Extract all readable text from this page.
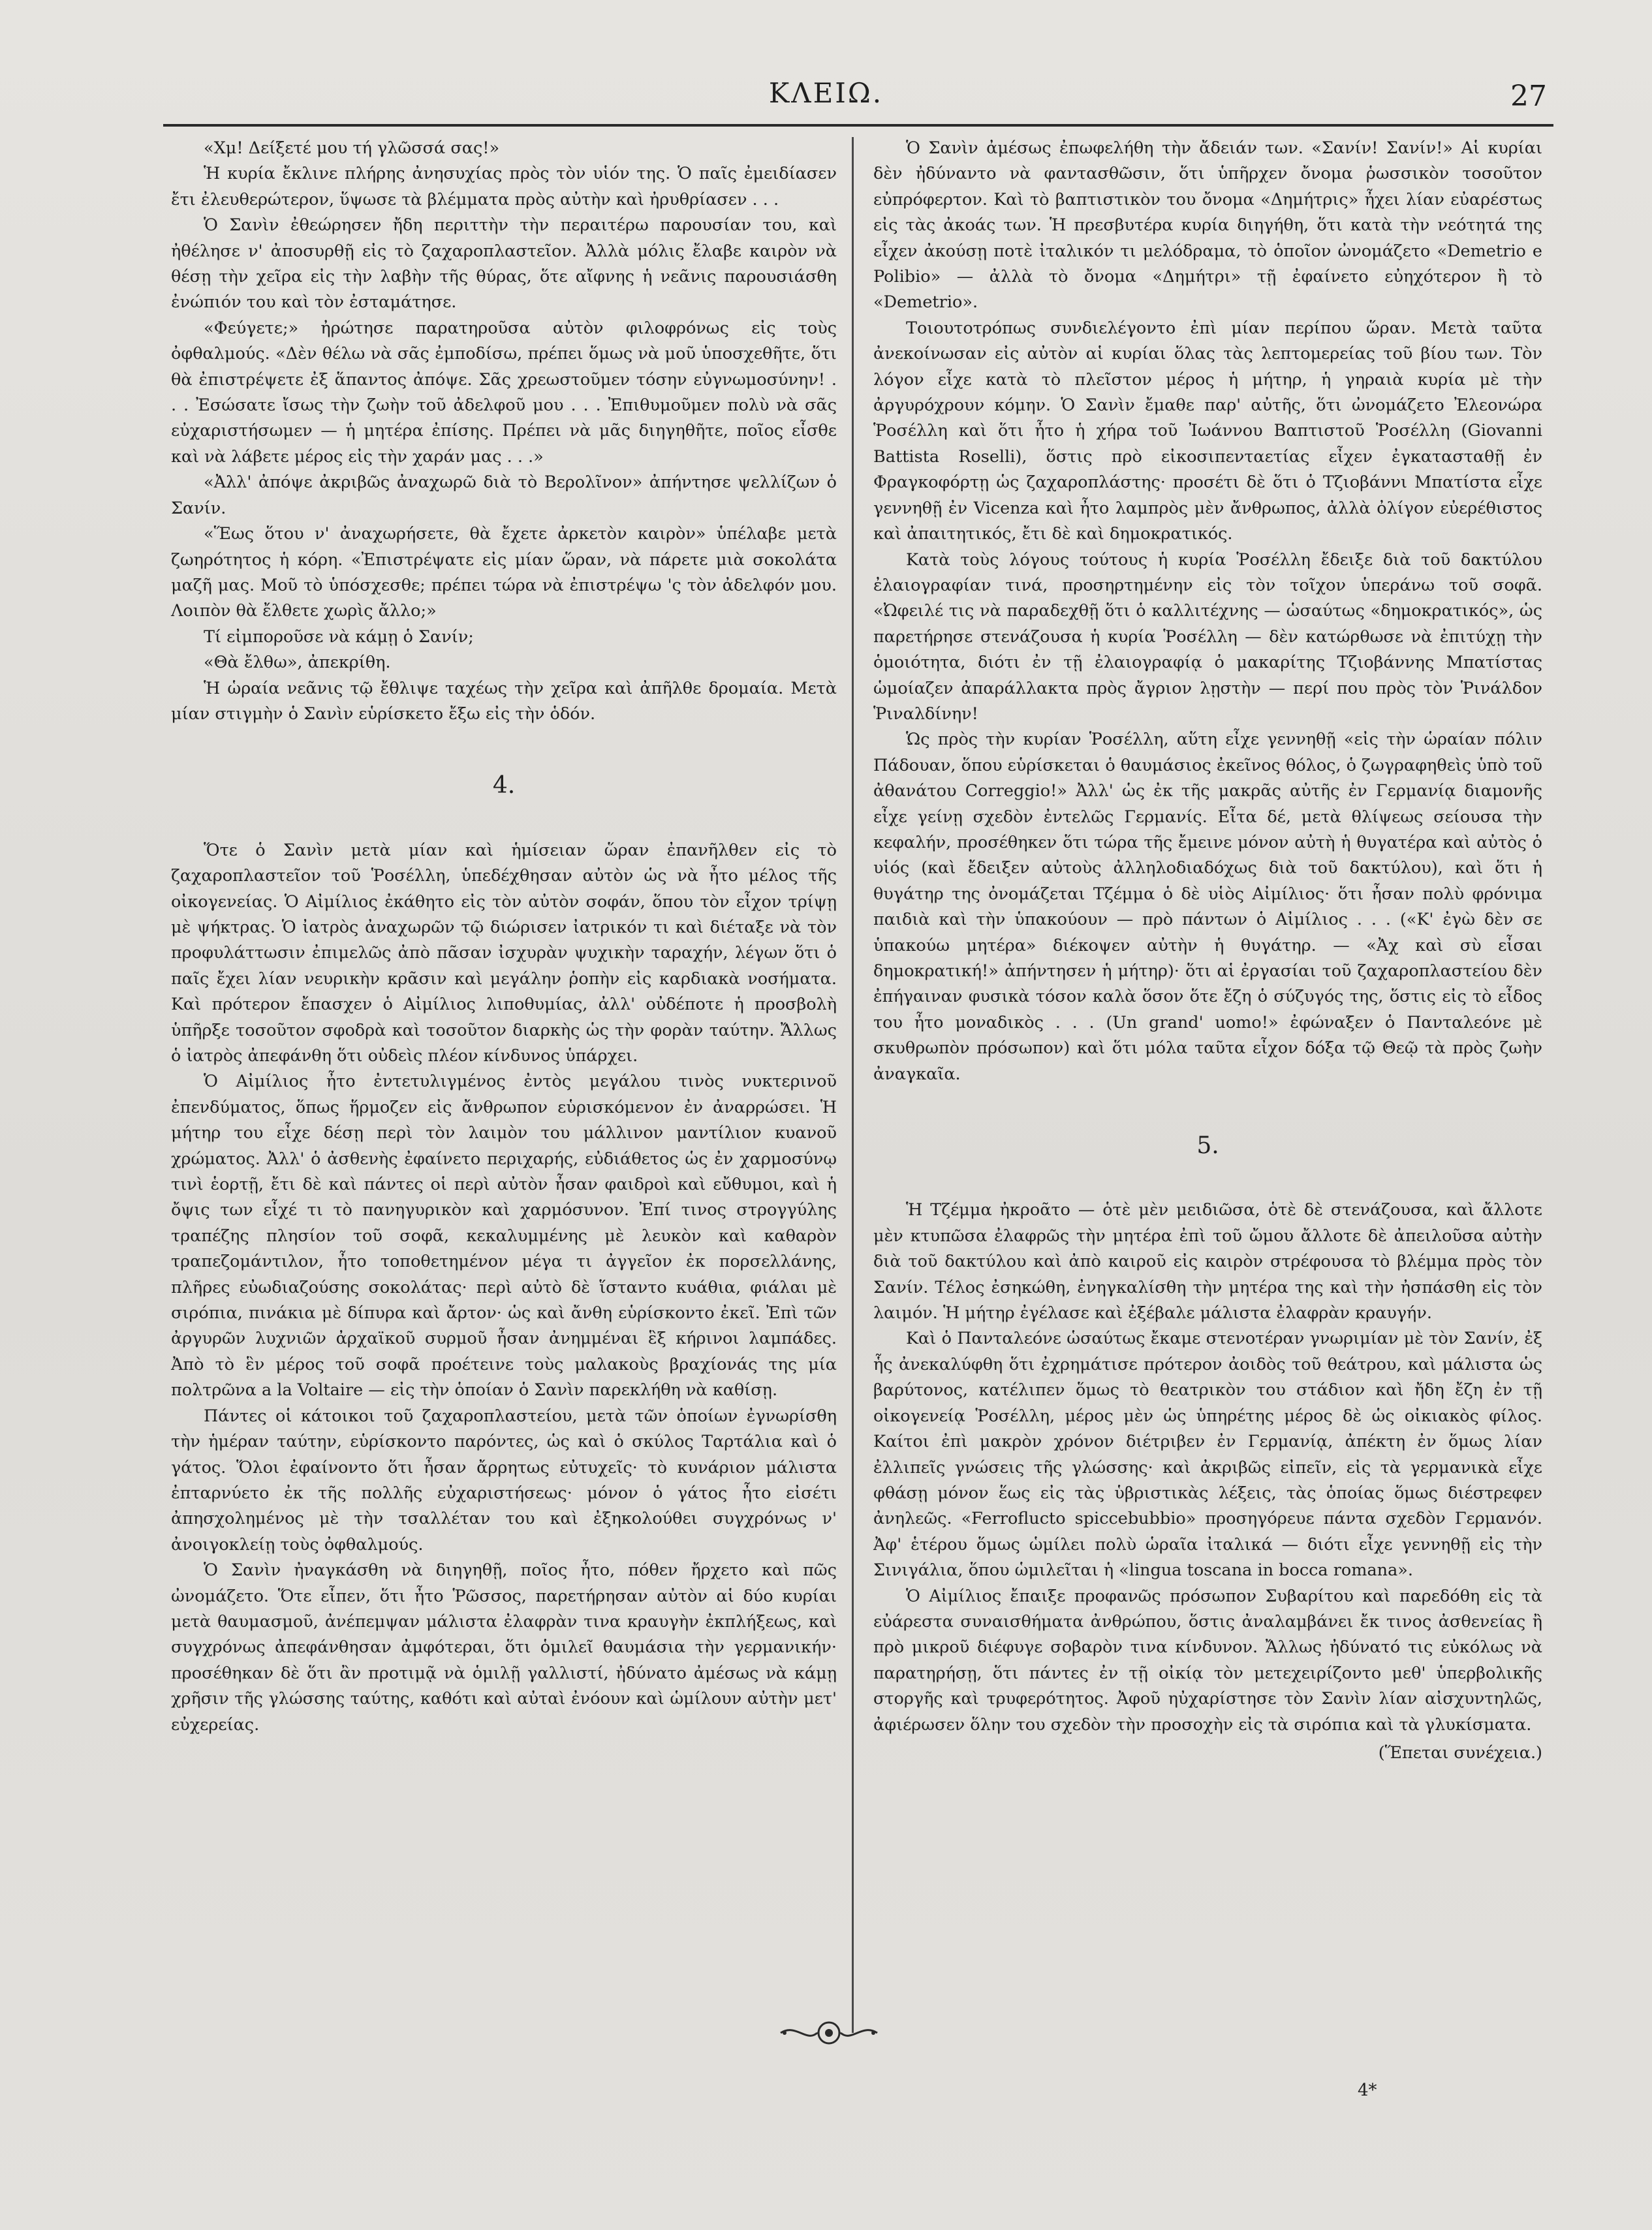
ΚΛΕΙΩ.	27

«Χμ! Δείξετέ μου τή γλῶσσά σας!»

Ἡ κυρία ἔκλινε πλήρης ἀνησυχίας πρὸς τὸν υἱόν της. Ὁ παῖς ἐμειδίασεν ἔτι ἐλευθερώτερον, ὕψωσε τὰ βλέμματα πρὸς αὐτὴν καὶ ἠρυθρίασεν . . .

Ὁ Σανὶν ἐθεώρησεν ἤδη περιττὴν τὴν περαιτέρω παρουσίαν του, καὶ ἠθέλησε ν' ἀποσυρθῇ εἰς τὸ ζαχαροπλαστεῖον. Ἀλλὰ μόλις ἔλαβε καιρὸν νὰ θέσῃ τὴν χεῖρα εἰς τὴν λαβὴν τῆς θύρας, ὅτε αἴφνης ἡ νεᾶνις παρουσιάσθη ἐνώπιόν του καὶ τὸν ἐσταμάτησε.

«Φεύγετε;» ἠρώτησε παρατηροῦσα αὐτὸν φιλοφρόνως εἰς τοὺς ὀφθαλμούς. «Δὲν θέλω νὰ σᾶς ἐμποδίσω, πρέπει ὅμως νὰ μοῦ ὑποσχεθῆτε, ὅτι θὰ ἐπιστρέψετε ἐξ ἅπαντος ἀπόψε. Σᾶς χρεωστοῦμεν τόσην εὐγνωμοσύνην! . . . Ἐσώσατε ἴσως τὴν ζωὴν τοῦ ἀδελφοῦ μου . . . Ἐπιθυμοῦμεν πολὺ νὰ σᾶς εὐχαριστήσωμεν — ἡ μητέρα ἐπίσης. Πρέπει νὰ μᾶς διηγηθῆτε, ποῖος εἶσθε καὶ νὰ λάβετε μέρος εἰς τὴν χαράν μας . . .»

«Ἀλλ' ἀπόψε ἀκριβῶς ἀναχωρῶ διὰ τὸ Βερολῖνον» ἀπήντησε ψελλίζων ὁ Σανίν.

«Ἕως ὅτου ν' ἀναχωρήσετε, θὰ ἔχετε ἀρκετὸν καιρὸν» ὑπέλαβε μετὰ ζωηρότητος ἡ κόρη. «Ἐπιστρέψατε εἰς μίαν ὥραν, νὰ πάρετε μιὰ σοκολάτα μαζῆ μας. Μοῦ τὸ ὑπόσχεσθε; πρέπει τώρα νὰ ἐπιστρέψω 'ς τὸν ἀδελφόν μου. Λοιπὸν θὰ ἔλθετε χωρὶς ἄλλο;»

Τί εἰμποροῦσε νὰ κάμῃ ὁ Σανίν;

«Θὰ ἔλθω», ἀπεκρίθη.

Ἡ ὡραία νεᾶνις τῷ ἔθλιψε ταχέως τὴν χεῖρα καὶ ἀπῆλθε δρομαία. Μετὰ μίαν στιγμὴν ὁ Σανὶν εὑρίσκετο ἔξω εἰς τὴν ὁδόν.

4.

Ὅτε ὁ Σανὶν μετὰ μίαν καὶ ἡμίσειαν ὥραν ἐπανῆλθεν εἰς τὸ ζαχαροπλαστεῖον τοῦ Ῥοσέλλη, ὑπεδέχθησαν αὐτὸν ὡς νὰ ἦτο μέλος τῆς οἰκογενείας. Ὁ Αἰμίλιος ἐκάθητο εἰς τὸν αὐτὸν σοφάν, ὅπου τὸν εἶχον τρίψῃ μὲ ψήκτρας. Ὁ ἰατρὸς ἀναχωρῶν τῷ διώρισεν ἰατρικόν τι καὶ διέταξε νὰ τὸν προφυλάττωσιν ἐπιμελῶς ἀπὸ πᾶσαν ἰσχυρὰν ψυχικὴν ταραχήν, λέγων ὅτι ὁ παῖς ἔχει λίαν νευρικὴν κρᾶσιν καὶ μεγάλην ῥοπὴν εἰς καρδιακὰ νοσήματα. Καὶ πρότερον ἔπασχεν ὁ Αἰμίλιος λιποθυμίας, ἀλλ' οὐδέποτε ἡ προσβολὴ ὑπῆρξε τοσοῦτον σφοδρὰ καὶ τοσοῦτον διαρκὴς ὡς τὴν φορὰν ταύτην. Ἄλλως ὁ ἰατρὸς ἀπεφάνθη ὅτι οὐδεὶς πλέον κίνδυνος ὑπάρχει.

Ὁ Αἰμίλιος ἦτο ἐντετυλιγμένος ἐντὸς μεγάλου τινὸς νυκτερινοῦ ἐπενδύματος, ὅπως ἥρμοζεν εἰς ἄνθρωπον εὑρισκόμενον ἐν ἀναρρώσει. Ἡ μήτηρ του εἶχε δέσῃ περὶ τὸν λαιμὸν του μάλλινον μαντίλιον κυανοῦ χρώματος. Ἀλλ' ὁ ἀσθενὴς ἐφαίνετο περιχαρής, εὐδιάθετος ὡς ἐν χαρμοσύνῳ τινὶ ἑορτῇ, ἔτι δὲ καὶ πάντες οἱ περὶ αὐτὸν ἦσαν φαιδροὶ καὶ εὔθυμοι, καὶ ἡ ὄψις των εἶχέ τι τὸ πανηγυρικὸν καὶ χαρμόσυνον. Ἐπί τινος στρογγύλης τραπέζης πλησίον τοῦ σοφᾶ, κεκαλυμμένης μὲ λευκὸν καὶ καθαρὸν τραπεζομάντιλον, ἦτο τοποθετημένον μέγα τι ἀγγεῖον ἐκ πορσελλάνης, πλῆρες εὐωδιαζούσης σοκολάτας· περὶ αὐτὸ δὲ ἵσταντο κυάθια, φιάλαι μὲ σιρόπια, πινάκια μὲ δίπυρα καὶ ἄρτον· ὡς καὶ ἄνθη εὑρίσκοντο ἐκεῖ. Ἐπὶ τῶν ἀργυρῶν λυχνιῶν ἀρχαϊκοῦ συρμοῦ ἦσαν ἀνημμέναι ἓξ κήρινοι λαμπάδες. Ἀπὸ τὸ ἓν μέρος τοῦ σοφᾶ προέτεινε τοὺς μαλακοὺς βραχίονάς της μία πολτρῶνα a la Voltaire — εἰς τὴν ὁποίαν ὁ Σανὶν παρεκλήθη νὰ καθίσῃ.

Πάντες οἱ κάτοικοι τοῦ ζαχαροπλαστείου, μετὰ τῶν ὁποίων ἐγνωρίσθη τὴν ἡμέραν ταύτην, εὑρίσκοντο παρόντες, ὡς καὶ ὁ σκύλος Ταρτάλια καὶ ὁ γάτος. Ὅλοι ἐφαίνοντο ὅτι ἦσαν ἄρρητως εὐτυχεῖς· τὸ κυνάριον μάλιστα ἐπταρνύετο ἐκ τῆς πολλῆς εὐχαριστήσεως· μόνον ὁ γάτος ἦτο εἰσέτι ἀπησχολημένος μὲ τὴν τσαλλέταν του καὶ ἐξηκολούθει συγχρόνως ν' ἀνοιγοκλείῃ τοὺς ὀφθαλμούς.

Ὁ Σανὶν ἠναγκάσθη νὰ διηγηθῇ, ποῖος ἦτο, πόθεν ἤρχετο καὶ πῶς ὠνομάζετο. Ὅτε εἶπεν, ὅτι ἦτο Ῥῶσσος, παρετήρησαν αὐτὸν αἱ δύο κυρίαι μετὰ θαυμασμοῦ, ἀνέπεμψαν μάλιστα ἐλαφρὰν τινα κραυγὴν ἐκπλήξεως, καὶ συγχρόνως ἀπεφάνθησαν ἀμφότεραι, ὅτι ὁμιλεῖ θαυμάσια τὴν γερμανικήν· προσέθηκαν δὲ ὅτι ἂν προτιμᾷ νὰ ὁμιλῇ γαλλιστί, ἠδύνατο ἀμέσως νὰ κάμῃ χρῆσιν τῆς γλώσσης ταύτης, καθότι καὶ αὐταὶ ἐνόουν καὶ ὡμίλουν αὐτὴν μετ' εὐχερείας.

Ὁ Σανὶν ἀμέσως ἐπωφελήθη τὴν ἄδειάν των. «Σανίν! Σανίν!» Αἱ κυρίαι δὲν ἠδύναντο νὰ φαντασθῶσιν, ὅτι ὑπῆρχεν ὄνομα ῥωσσικὸν τοσοῦτον εὐπρόφερτον. Καὶ τὸ βαπτιστικὸν του ὄνομα «Δημήτρις» ἦχει λίαν εὐαρέστως εἰς τὰς ἀκοάς των. Ἡ πρεσβυτέρα κυρία διηγήθη, ὅτι κατὰ τὴν νεότητά της εἶχεν ἀκούσῃ ποτὲ ἰταλικόν τι μελόδραμα, τὸ ὁποῖον ὠνομάζετο «Demetrio e Polibio» — ἀλλὰ τὸ ὄνομα «Δημήτρι» τῇ ἐφαίνετο εὐηχότερον ἢ τὸ «Demetrio».

Τοιουτοτρόπως συνδιελέγοντο ἐπὶ μίαν περίπου ὥραν. Μετὰ ταῦτα ἀνεκοίνωσαν εἰς αὐτὸν αἱ κυρίαι ὅλας τὰς λεπτομερείας τοῦ βίου των. Τὸν λόγον εἶχε κατὰ τὸ πλεῖστον μέρος ἡ μήτηρ, ἡ γηραιὰ κυρία μὲ τὴν ἀργυρόχρουν κόμην. Ὁ Σανὶν ἔμαθε παρ' αὐτῆς, ὅτι ὠνομάζετο Ἐλεονώρα Ῥοσέλλη καὶ ὅτι ἦτο ἡ χήρα τοῦ Ἰωάννου Βαπτιστοῦ Ῥοσέλλη (Giovanni Battista Roselli), ὅστις πρὸ εἰκοσιπενταετίας εἶχεν ἐγκατασταθῇ ἐν Φραγκοφόρτῃ ὡς ζαχαροπλάστης· προσέτι δὲ ὅτι ὁ Τζιοβάννι Μπατίστα εἶχε γεννηθῇ ἐν Vicenza καὶ ἦτο λαμπρὸς μὲν ἄνθρωπος, ἀλλὰ ὀλίγον εὐερέθιστος καὶ ἀπαιτητικός, ἔτι δὲ καὶ δημοκρατικός.

Κατὰ τοὺς λόγους τούτους ἡ κυρία Ῥοσέλλη ἔδειξε διὰ τοῦ δακτύλου ἐλαιογραφίαν τινά, προσηρτημένην εἰς τὸν τοῖχον ὑπεράνω τοῦ σοφᾶ. «Ὠφειλέ τις νὰ παραδεχθῇ ὅτι ὁ καλλιτέχνης — ὡσαύτως «δημοκρατικός», ὡς παρετήρησε στενάζουσα ἡ κυρία Ῥοσέλλη — δὲν κατώρθωσε νὰ ἐπιτύχῃ τὴν ὁμοιότητα, διότι ἐν τῇ ἐλαιογραφίᾳ ὁ μακαρίτης Τζιοβάννης Μπατίστας ὡμοίαζεν ἀπαράλλακτα πρὸς ἄγριον λῃστὴν — περί που πρὸς τὸν Ῥινάλδον Ῥιναλδίνην!

Ὡς πρὸς τὴν κυρίαν Ῥοσέλλη, αὕτη εἶχε γεννηθῇ «εἰς τὴν ὡραίαν πόλιν Πάδουαν, ὅπου εὑρίσκεται ὁ θαυμάσιος ἐκεῖνος θόλος, ὁ ζωγραφηθεὶς ὑπὸ τοῦ ἀθανάτου Correggio!» Ἀλλ' ὡς ἐκ τῆς μακρᾶς αὐτῆς ἐν Γερμανίᾳ διαμονῆς εἶχε γείνῃ σχεδὸν ἐντελῶς Γερμανίς. Εἶτα δέ, μετὰ θλίψεως σείουσα τὴν κεφαλήν, προσέθηκεν ὅτι τώρα τῆς ἔμεινε μόνον αὐτὴ ἡ θυγατέρα καὶ αὐτὸς ὁ υἱός (καὶ ἔδειξεν αὐτοὺς ἀλληλοδιαδόχως διὰ τοῦ δακτύλου), καὶ ὅτι ἡ θυγάτηρ της ὀνομάζεται Τζέμμα ὁ δὲ υἱὸς Αἰμίλιος· ὅτι ἦσαν πολὺ φρόνιμα παιδιὰ καὶ τὴν ὑπακούουν — πρὸ πάντων ὁ Αἰμίλιος . . . («Κ' ἐγὼ δὲν σε ὑπακούω μητέρα» διέκοψεν αὐτὴν ἡ θυγάτηρ. — «Ἀχ καὶ σὺ εἶσαι δημοκρατική!» ἀπήντησεν ἡ μήτηρ)· ὅτι αἱ ἐργασίαι τοῦ ζαχαροπλαστείου δὲν ἐπήγαιναν φυσικὰ τόσον καλὰ ὅσον ὅτε ἔζη ὁ σύζυγός της, ὅστις εἰς τὸ εἶδος του ἦτο μοναδικὸς . . . (Un grand' uomo!» ἐφώναξεν ὁ Πανταλεόνε μὲ σκυθρωπὸν πρόσωπον) καὶ ὅτι μόλα ταῦτα εἶχον δόξα τῷ Θεῷ τὰ πρὸς ζωὴν ἀναγκαῖα.

5.

Ἡ Τζέμμα ἠκροᾶτο — ὁτὲ μὲν μειδιῶσα, ὁτὲ δὲ στενάζουσα, καὶ ἄλλοτε μὲν κτυπῶσα ἐλαφρῶς τὴν μητέρα ἐπὶ τοῦ ὤμου ἄλλοτε δὲ ἀπειλοῦσα αὐτὴν διὰ τοῦ δακτύλου καὶ ἀπὸ καιροῦ εἰς καιρὸν στρέφουσα τὸ βλέμμα πρὸς τὸν Σανίν. Τέλος ἐσηκώθη, ἐνηγκαλίσθη τὴν μητέρα της καὶ τὴν ἠσπάσθη εἰς τὸν λαιμόν. Ἡ μήτηρ ἐγέλασε καὶ ἐξέβαλε μάλιστα ἐλαφρὰν κραυγήν.

Καὶ ὁ Πανταλεόνε ὡσαύτως ἔκαμε στενοτέραν γνωριμίαν μὲ τὸν Σανίν, ἐξ ἧς ἀνεκαλύφθη ὅτι ἐχρημάτισε πρότερον ἀοιδὸς τοῦ θεάτρου, καὶ μάλιστα ὡς βαρύτονος, κατέλιπεν ὅμως τὸ θεατρικὸν του στάδιον καὶ ἤδη ἔζη ἐν τῇ οἰκογενείᾳ Ῥοσέλλη, μέρος μὲν ὡς ὑπηρέτης μέρος δὲ ὡς οἰκιακὸς φίλος. Καίτοι ἐπὶ μακρὸν χρόνον διέτριβεν ἐν Γερμανίᾳ, ἀπέκτη ἐν ὅμως λίαν ἐλλιπεῖς γνώσεις τῆς γλώσσης· καὶ ἀκριβῶς εἰπεῖν, εἰς τὰ γερμανικὰ εἶχε φθάσῃ μόνον ἕως εἰς τὰς ὑβριστικὰς λέξεις, τὰς ὁποίας ὅμως διέστρεφεν ἀνηλεῶς. «Ferroflucto spiccebubbio» προσηγόρευε πάντα σχεδὸν Γερμανόν. Ἀφ' ἑτέρου ὅμως ὡμίλει πολὺ ὡραῖα ἰταλικά — διότι εἶχε γεννηθῇ εἰς τὴν Σινιγάλια, ὅπου ὡμιλεῖται ἡ «lingua toscana in bocca romana».

Ὁ Αἰμίλιος ἔπαιξε προφανῶς πρόσωπον Συβαρίτου καὶ παρεδόθη εἰς τὰ εὐάρεστα συναισθήματα ἀνθρώπου, ὅστις ἀναλαμβάνει ἔκ τινος ἀσθενείας ἢ πρὸ μικροῦ διέφυγε σοβαρὸν τινα κίνδυνον. Ἄλλως ἠδύνατό τις εὐκόλως νὰ παρατηρήσῃ, ὅτι πάντες ἐν τῇ οἰκίᾳ τὸν μετεχειρίζοντο μεθ' ὑπερβολικῆς στοργῆς καὶ τρυφερότητος. Ἀφοῦ ηὐχαρίστησε τὸν Σανὶν λίαν αἰσχυντηλῶς, ἀφιέρωσεν ὅλην του σχεδὸν τὴν προσοχὴν εἰς τὰ σιρόπια καὶ τὰ γλυκίσματα.

(Ἕπεται συνέχεια.)
4*
